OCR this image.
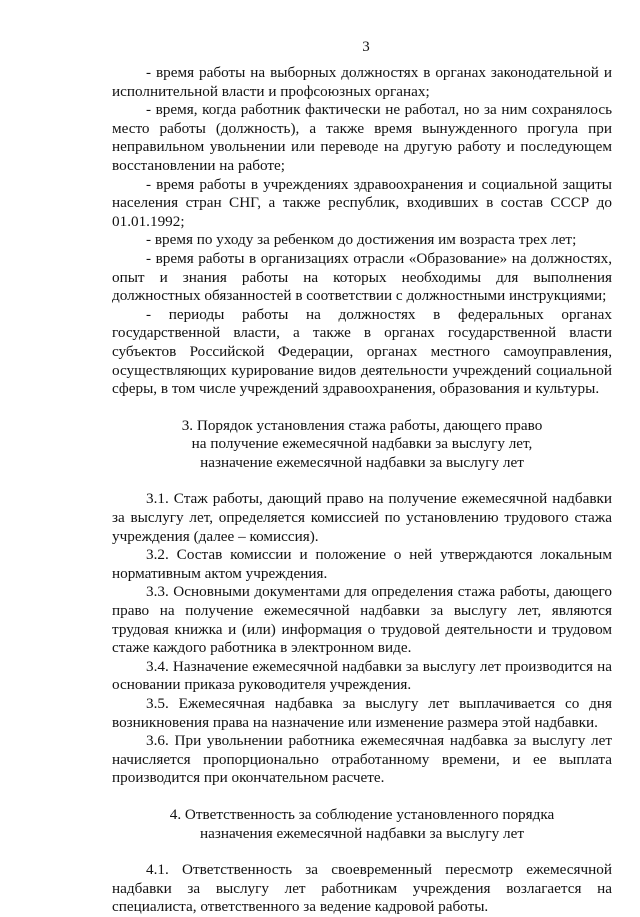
3

- время работы на выборных должностях в органах законодательной и исполнительной власти и профсоюзных органах;

- время, когда работник фактически не работал, но за ним сохранялось место работы (должность), а также время вынужденного прогула при неправильном увольнении или переводе на другую работу и последующем восстановлении на работе;

- время работы в учреждениях здравоохранения и социальной защиты населения стран СНГ, а также республик, входивших в состав СССР до 01.01.1992;

- время по уходу за ребенком до достижения им возраста трех лет;

- время работы в организациях отрасли «Образование» на должностях, опыт и знания работы на которых необходимы для выполнения должностных обязанностей в соответствии с должностными инструкциями;

- периоды работы на должностях в федеральных органах государственной власти, а также в органах государственной власти субъектов Российской Федерации, органах местного самоуправления, осуществляющих курирование видов деятельности учреждений социальной сферы, в том числе учреждений здравоохранения, образования и культуры.

3. Порядок установления стажа работы, дающего право
на получение ежемесячной надбавки за выслугу лет,
назначение ежемесячной надбавки за выслугу лет

3.1. Стаж работы, дающий право на получение ежемесячной надбавки за выслугу лет, определяется комиссией по установлению трудового стажа учреждения (далее – комиссия).

3.2. Состав комиссии и положение о ней утверждаются локальным нормативным актом учреждения.

3.3. Основными документами для определения стажа работы, дающего право на получение ежемесячной надбавки за выслугу лет, являются трудовая книжка и (или) информация о трудовой деятельности и трудовом стаже каждого работника в электронном виде.

3.4. Назначение ежемесячной надбавки за выслугу лет производится на основании приказа руководителя учреждения.

3.5. Ежемесячная надбавка за выслугу лет выплачивается со дня возникновения права на назначение или изменение размера этой надбавки.

3.6. При увольнении работника ежемесячная надбавка за выслугу лет начисляется пропорционально отработанному времени, и ее выплата производится при окончательном расчете.

4. Ответственность за соблюдение установленного порядка
назначения ежемесячной надбавки за выслугу лет

4.1. Ответственность за своевременный пересмотр ежемесячной надбавки за выслугу лет работникам учреждения возлагается на специалиста, ответственного за ведение кадровой работы.
